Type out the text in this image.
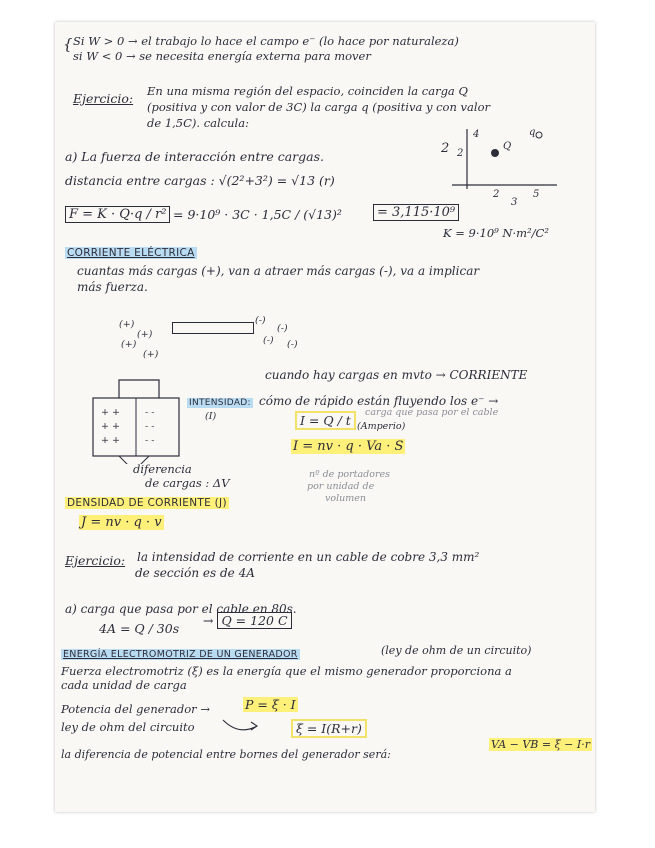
{ Si W > 0 → el trabajo lo hace el campo e⁻ (lo hace por naturaleza)
si W < 0 → se necesita energía externa para mover
Ejercicio: En una misma región del espacio, coinciden la carga Q
(positiva y con valor de 3C) la carga q (positiva y con valor
de 1,5C). calcula:
a) La fuerza de interacción entre cargas.
distancia entre cargas : √(2²+3²) = √13 (r)
F = K · Q·q / r² = 9·10⁹ · 3C · 1,5C / (√13)²	= 3,115·10⁹
K = 9·10⁹ N·m²/C²
4
2
2	Q
q
2
3
5
CORRIENTE ELÉCTRICA
cuantas más cargas (+), van a atraer más cargas (-), va a implicar
más fuerza.
(+)
(+)
(+)
(+)
(-)
(-)
(-) (-)
+ +
+ +
+ +
- -
- -
- -
diferencia
de cargas : ΔV
cuando hay cargas en mvto → CORRIENTE
INTENSIDAD:
(I)
cómo de rápido están fluyendo los e⁻ →
I = Q / t
carga que pasa por el cable
(Amperio)
I = nv · q · Va · S
nº de portadores
por unidad de
volumen
DENSIDAD DE CORRIENTE (J)
J = nv · q · v
Ejercicio: la intensidad de corriente en un cable de cobre 3,3 mm²
de sección es de 4A
a) carga que pasa por el cable en 80s.
4A = Q / 30s
→ Q = 120 C
ENERGÍA ELECTROMOTRIZ DE UN GENERADOR	(ley de ohm de un circuito)
Fuerza electromotriz (ξ) es la energía que el mismo generador proporciona a
cada unidad de carga
Potencia del generador →	P = ξ · I
ley de ohm del circuito	ξ = I(R+r)
la diferencia de potencial entre bornes del generador será:
VA − VB = ξ − I·r
